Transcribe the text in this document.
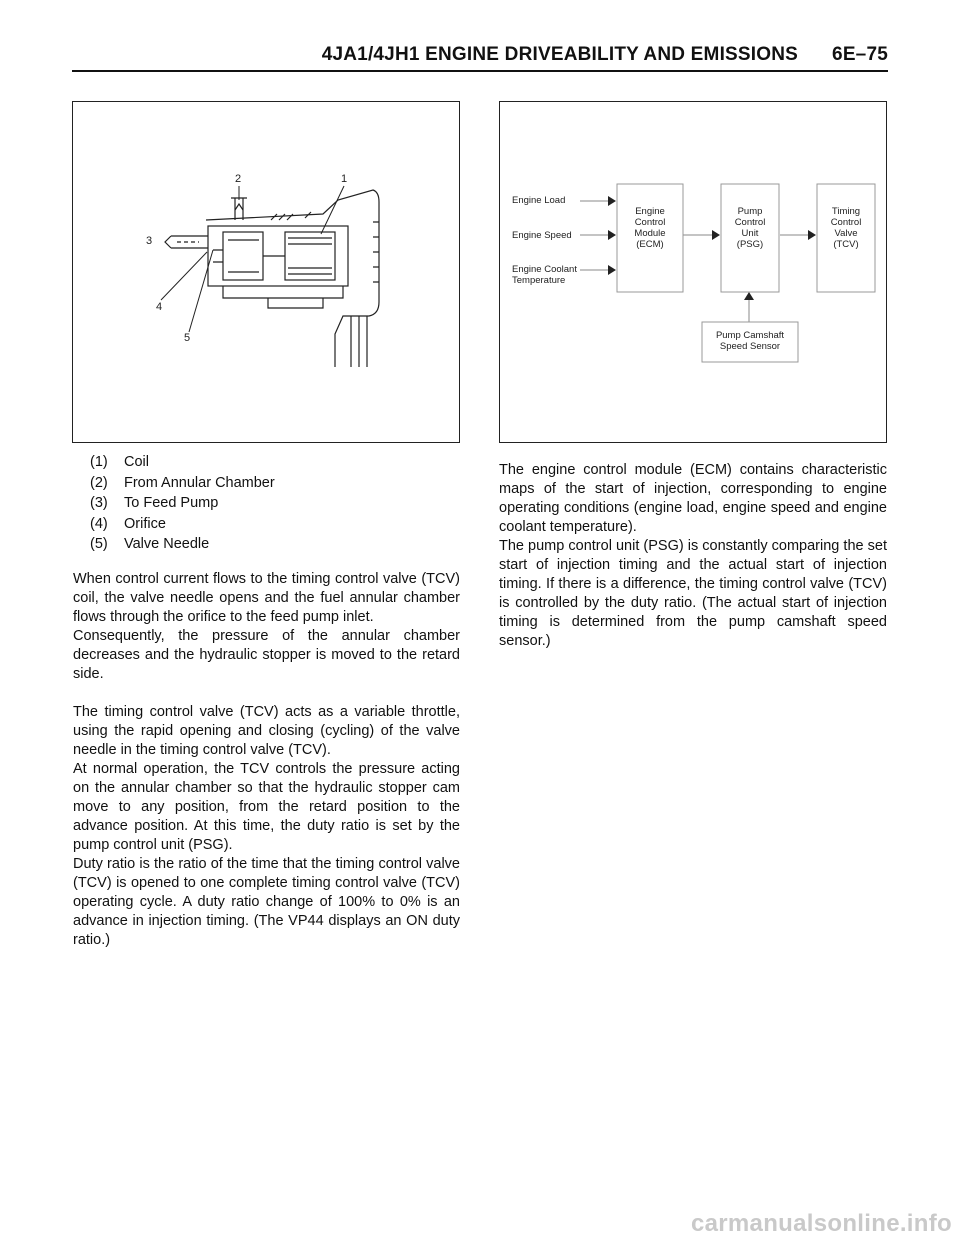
4JA1/4JH1 ENGINE DRIVEABILITY AND EMISSIONS 6E–75
1
2
3
4
5
Engine Load
Engine Speed
Engine Coolant
Temperature
Engine
Control
Module
(ECM)
Pump
Control
Unit
(PSG)
Timing
Control
Valve
(TCV)
Pump Camshaft
Speed Sensor
(1)	Coil
(2)	From Annular Chamber
(3)	To Feed Pump
(4)	Orifice
(5)	Valve Needle

When control current flows to the timing control valve (TCV) coil, the valve needle opens and the fuel annular chamber flows through the orifice to the feed pump inlet.

Consequently, the pressure of the annular chamber decreases and the hydraulic stopper is moved to the retard side.

The timing control valve (TCV) acts as a variable throttle, using the rapid opening and closing (cycling) of the valve needle in the timing control valve (TCV).

At normal operation, the TCV controls the pressure acting on the annular chamber so that the hydraulic stopper cam move to any position, from the retard position to the advance position. At this time, the duty ratio is set by the pump control unit (PSG).

Duty ratio is the ratio of the time that the timing control valve (TCV) is opened to one complete timing control valve (TCV) operating cycle. A duty ratio change of 100% to 0% is an advance in injection timing. (The VP44 displays an ON duty ratio.)

The engine control module (ECM) contains characteristic maps of the start of injection, corresponding to engine operating conditions (engine load, engine speed and engine coolant temperature).

The pump control unit (PSG) is constantly comparing the set start of injection timing and the actual start of injection timing. If there is a difference, the timing control valve (TCV) is controlled by the duty ratio. (The actual start of injection timing is determined from the pump camshaft speed sensor.)

carmanualsonline.info
